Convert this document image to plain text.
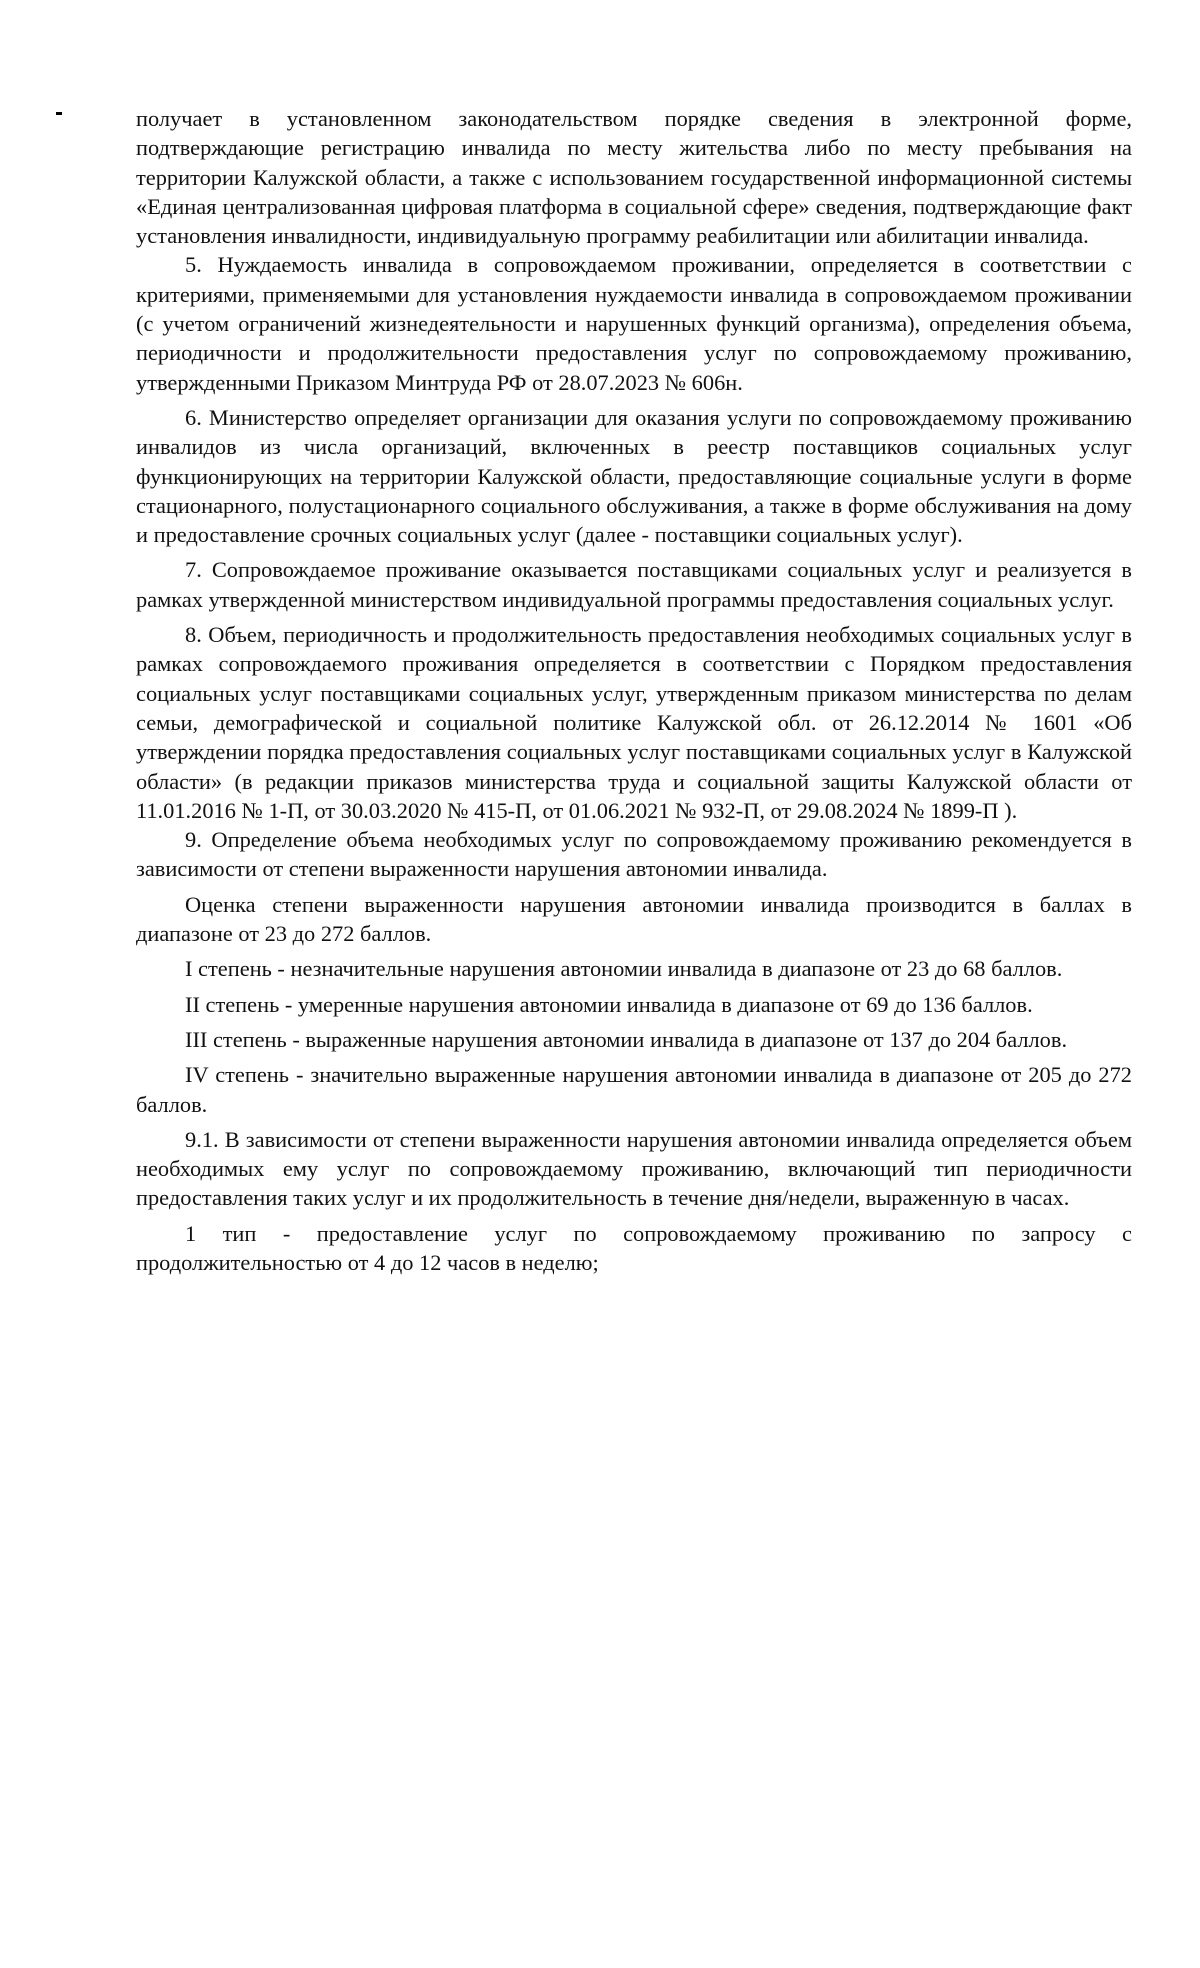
получает в установленном законодательством порядке сведения в электронной форме, подтверждающие регистрацию инвалида по месту жительства либо по месту пребывания на территории Калужской области, а также с использованием государственной информационной системы «Единая централизованная цифровая платформа в социальной сфере» сведения, подтверждающие факт установления инвалидности, индивидуальную программу реабилитации или абилитации инвалида.

5. Нуждаемость инвалида в сопровождаемом проживании, определяется в соответствии с критериями, применяемыми для установления нуждаемости инвалида в сопровождаемом проживании (с учетом ограничений жизнедеятельности и нарушенных функций организма), определения объема, периодичности и продолжительности предоставления услуг по сопровождаемому проживанию, утвержденными Приказом Минтруда РФ от 28.07.2023 № 606н.

6. Министерство определяет организации для оказания услуги по сопровождаемому проживанию инвалидов из числа организаций, включенных в реестр поставщиков социальных услуг функционирующих на территории Калужской области, предоставляющие социальные услуги в форме стационарного, полустационарного социального обслуживания, а также в форме обслуживания на дому и предоставление срочных социальных услуг (далее - поставщики социальных услуг).

7. Сопровождаемое проживание оказывается поставщиками социальных услуг и реализуется в рамках утвержденной министерством индивидуальной программы предоставления социальных услуг.

8. Объем, периодичность и продолжительность предоставления необходимых социальных услуг в рамках сопровождаемого проживания определяется в соответствии с Порядком предоставления социальных услуг поставщиками социальных услуг, утвержденным приказом министерства по делам семьи, демографической и социальной политике Калужской обл. от 26.12.2014 № 1601 «Об утверждении порядка предоставления социальных услуг поставщиками социальных услуг в Калужской области» (в редакции приказов министерства труда и социальной защиты Калужской области от 11.01.2016 № 1-П, от 30.03.2020 № 415-П, от 01.06.2021 № 932-П, от 29.08.2024 № 1899-П ).

9. Определение объема необходимых услуг по сопровождаемому проживанию рекомендуется в зависимости от степени выраженности нарушения автономии инвалида.

Оценка степени выраженности нарушения автономии инвалида производится в баллах в диапазоне от 23 до 272 баллов.

I степень - незначительные нарушения автономии инвалида в диапазоне от 23 до 68 баллов.

II степень - умеренные нарушения автономии инвалида в диапазоне от 69 до 136 баллов.

III степень - выраженные нарушения автономии инвалида в диапазоне от 137 до 204 баллов.

IV степень - значительно выраженные нарушения автономии инвалида в диапазоне от 205 до 272 баллов.

9.1. В зависимости от степени выраженности нарушения автономии инвалида определяется объем необходимых ему услуг по сопровождаемому проживанию, включающий тип периодичности предоставления таких услуг и их продолжительность в течение дня/недели, выраженную в часах.

1 тип - предоставление услуг по сопровождаемому проживанию по запросу с продолжительностью от 4 до 12 часов в неделю;
